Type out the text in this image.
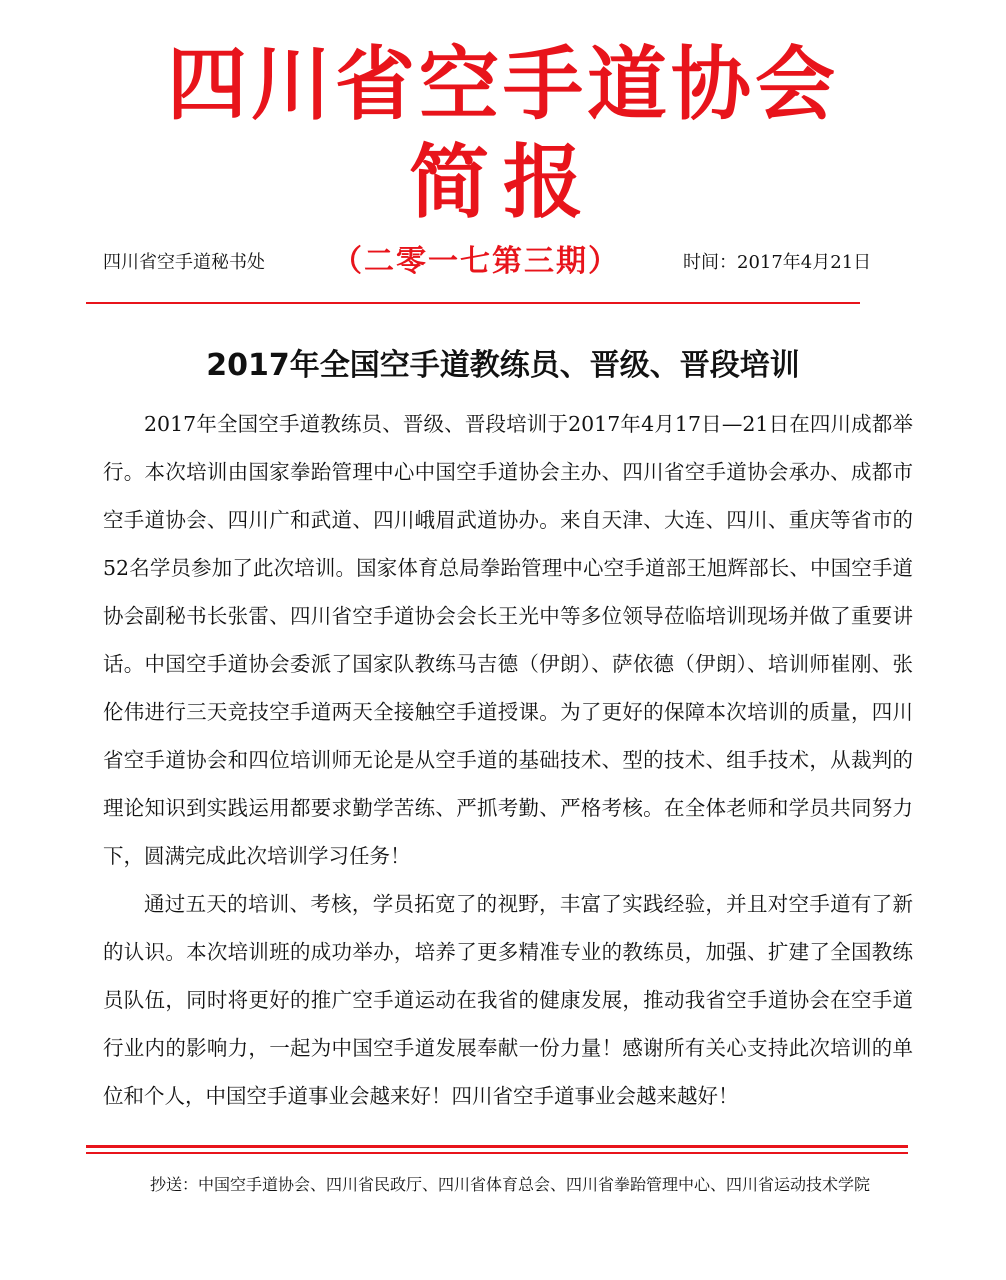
四川省空手道协会
简报
四川省空手道秘书处 （二零一七第三期）	时间：2017年4月21日
2017年全国空手道教练员、晋级、晋段培训

2017年全国空手道教练员、晋级、晋段培训于2017年4月17日—21日在四川成都举行。本次培训由国家拳跆管理中心中国空手道协会主办、四川省空手道协会承办、成都市空手道协会、四川广和武道、四川峨眉武道协办。来自天津、大连、四川、重庆等省市的52名学员参加了此次培训。国家体育总局拳跆管理中心空手道部王旭辉部长、中国空手道协会副秘书长张雷、四川省空手道协会会长王光中等多位领导莅临培训现场并做了重要讲话。中国空手道协会委派了国家队教练马吉德（伊朗）、萨依德（伊朗）、培训师崔刚、张伦伟进行三天竞技空手道两天全接触空手道授课。为了更好的保障本次培训的质量，四川省空手道协会和四位培训师无论是从空手道的基础技术、型的技术、组手技术，从裁判的理论知识到实践运用都要求勤学苦练、严抓考勤、严格考核。在全体老师和学员共同努力下，圆满完成此次培训学习任务！

通过五天的培训、考核，学员拓宽了的视野，丰富了实践经验，并且对空手道有了新的认识。本次培训班的成功举办，培养了更多精准专业的教练员，加强、扩建了全国教练员队伍，同时将更好的推广空手道运动在我省的健康发展，推动我省空手道协会在空手道行业内的影响力，一起为中国空手道发展奉献一份力量！感谢所有关心支持此次培训的单位和个人，中国空手道事业会越来好！四川省空手道事业会越来越好！

抄送：中国空手道协会、四川省民政厅、四川省体育总会、四川省拳跆管理中心、四川省运动技术学院
